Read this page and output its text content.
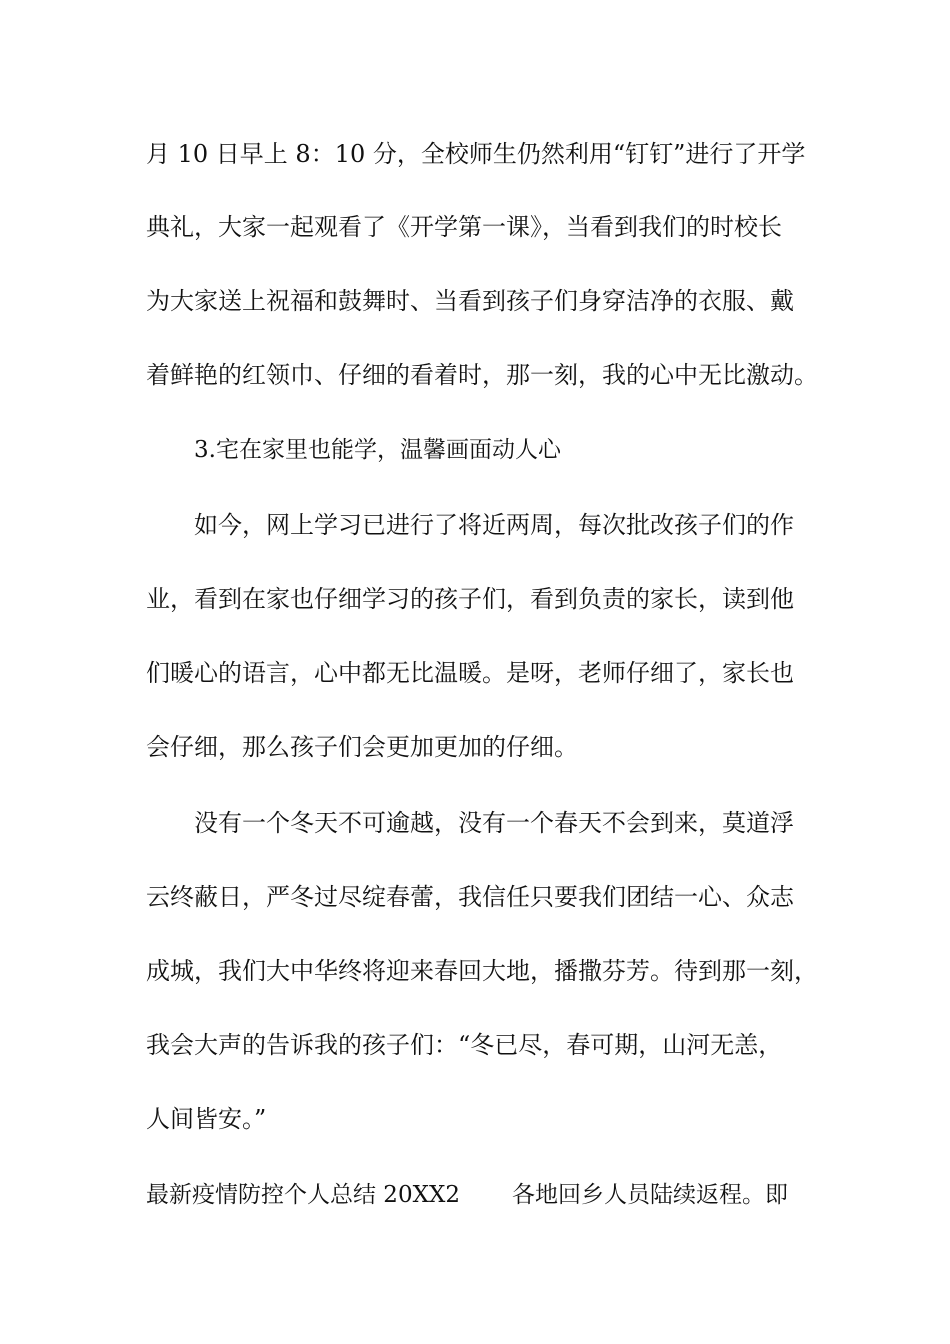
月 10 日早上 8：10 分，全校师生仍然利用“钉钉”进行了开学
典礼，大家一起观看了《开学第一课》，当看到我们的时校长
为大家送上祝福和鼓舞时、当看到孩子们身穿洁净的衣服、戴
着鲜艳的红领巾、仔细的看着时，那一刻，我的心中无比激动。
3.宅在家里也能学，温馨画面动人心
如今，网上学习已进行了将近两周，每次批改孩子们的作
业，看到在家也仔细学习的孩子们，看到负责的家长，读到他
们暖心的语言，心中都无比温暖。是呀，老师仔细了，家长也
会仔细，那么孩子们会更加更加的仔细。
没有一个冬天不可逾越，没有一个春天不会到来，莫道浮
云终蔽日，严冬过尽绽春蕾，我信任只要我们团结一心、众志
成城，我们大中华终将迎来春回大地，播撒芬芳。待到那一刻，
我会大声的告诉我的孩子们：“冬已尽，春可期，山河无恙，
人间皆安。”
最新疫情防控个人总结 20XX2 各地回乡人员陆续返程。即
